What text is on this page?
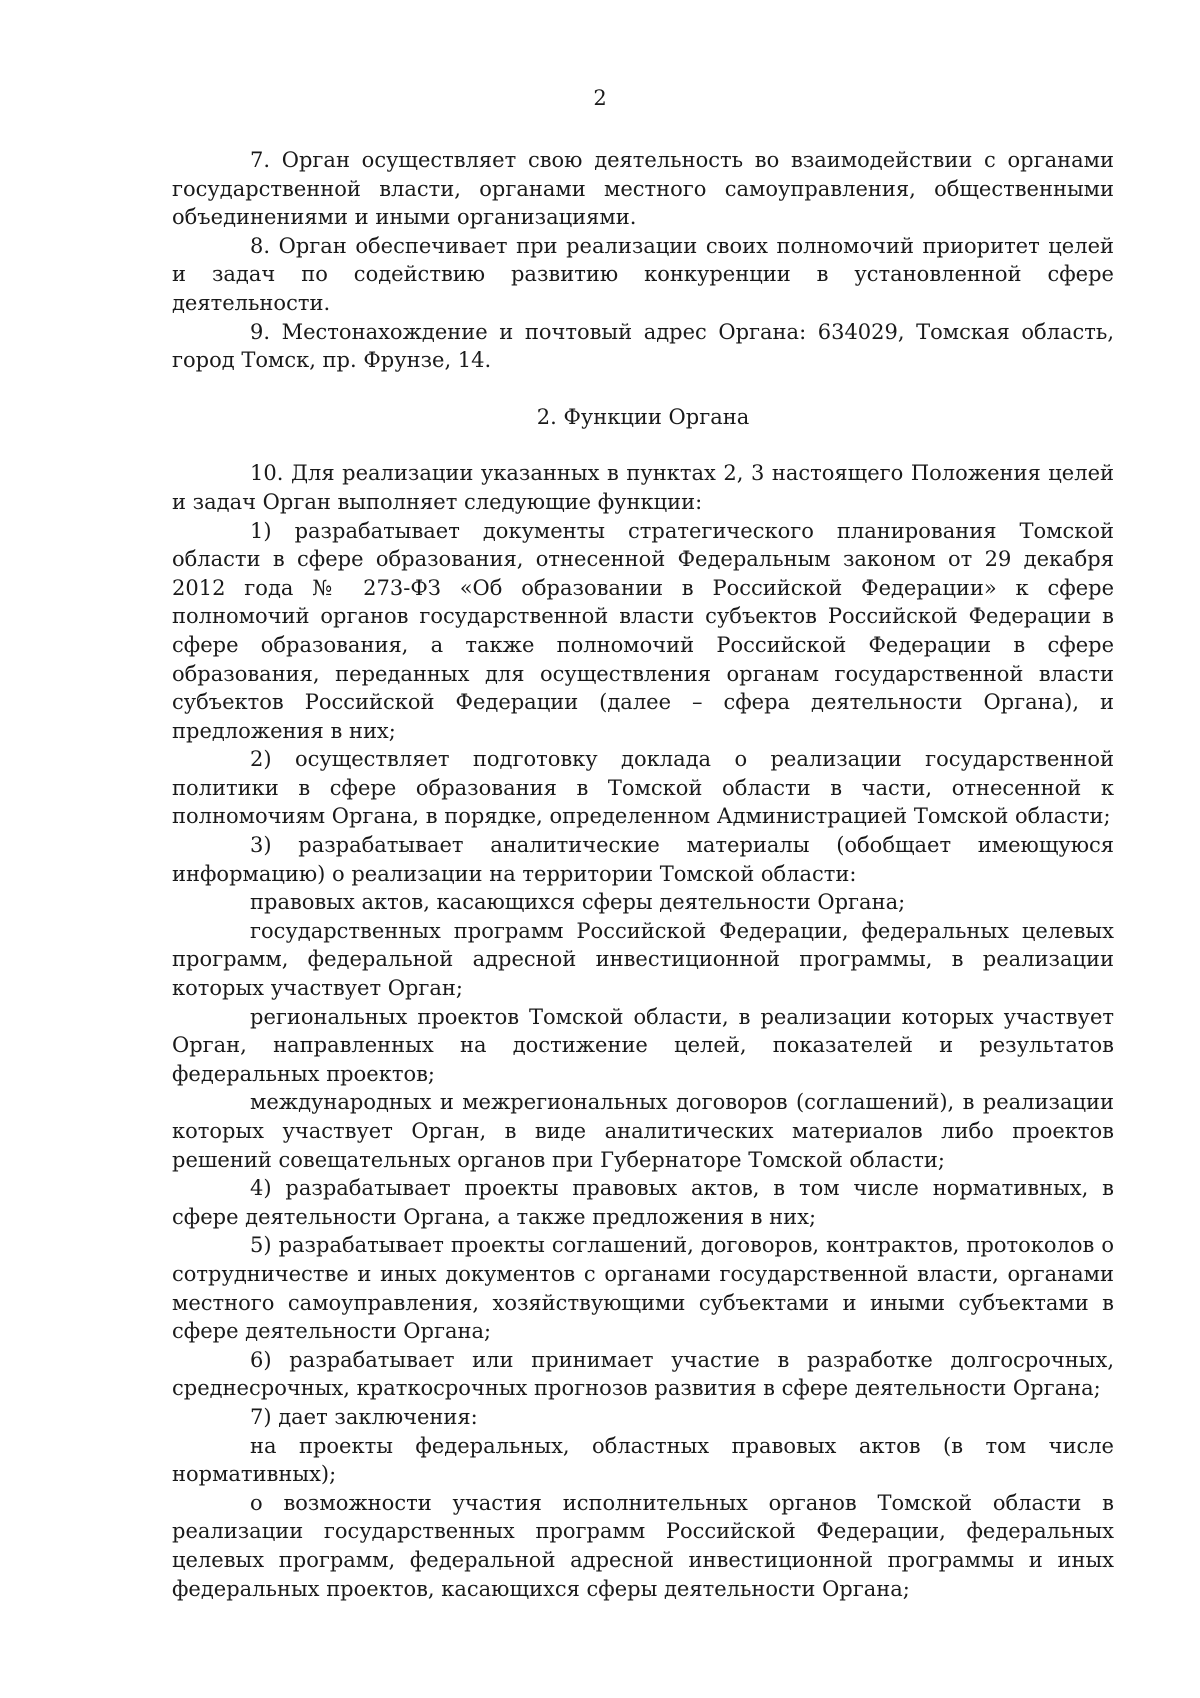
2

7. Орган осуществляет свою деятельность во взаимодействии с органами государственной власти, органами местного самоуправления, общественными объединениями и иными организациями.

8. Орган обеспечивает при реализации своих полномочий приоритет целей и задач по содействию развитию конкуренции в установленной сфере деятельности.

9. Местонахождение и почтовый адрес Органа: 634029, Томская область, город Томск, пр. Фрунзе, 14.

2. Функции Органа

10. Для реализации указанных в пунктах 2, 3 настоящего Положения целей и задач Орган выполняет следующие функции:

1) разрабатывает документы стратегического планирования Томской области в сфере образования, отнесенной Федеральным законом от 29 декабря 2012 года № 273-ФЗ «Об образовании в Российской Федерации» к сфере полномочий органов государственной власти субъектов Российской Федерации в сфере образования, а также полномочий Российской Федерации в сфере образования, переданных для осуществления органам государственной власти субъектов Российской Федерации (далее – сфера деятельности Органа), и предложения в них;

2) осуществляет подготовку доклада о реализации государственной политики в сфере образования в Томской области в части, отнесенной к полномочиям Органа, в порядке, определенном Администрацией Томской области;

3) разрабатывает аналитические материалы (обобщает имеющуюся информацию) о реализации на территории Томской области:

правовых актов, касающихся сферы деятельности Органа;

государственных программ Российской Федерации, федеральных целевых программ, федеральной адресной инвестиционной программы, в реализации которых участвует Орган;

региональных проектов Томской области, в реализации которых участвует Орган, направленных на достижение целей, показателей и результатов федеральных проектов;

международных и межрегиональных договоров (соглашений), в реализации которых участвует Орган, в виде аналитических материалов либо проектов решений совещательных органов при Губернаторе Томской области;

4) разрабатывает проекты правовых актов, в том числе нормативных, в сфере деятельности Органа, а также предложения в них;

5) разрабатывает проекты соглашений, договоров, контрактов, протоколов о сотрудничестве и иных документов с органами государственной власти, органами местного самоуправления, хозяйствующими субъектами и иными субъектами в сфере деятельности Органа;

6) разрабатывает или принимает участие в разработке долгосрочных, среднесрочных, краткосрочных прогнозов развития в сфере деятельности Органа;

7) дает заключения:

на проекты федеральных, областных правовых актов (в том числе нормативных);

о возможности участия исполнительных органов Томской области в реализации государственных программ Российской Федерации, федеральных целевых программ, федеральной адресной инвестиционной программы и иных федеральных проектов, касающихся сферы деятельности Органа;
